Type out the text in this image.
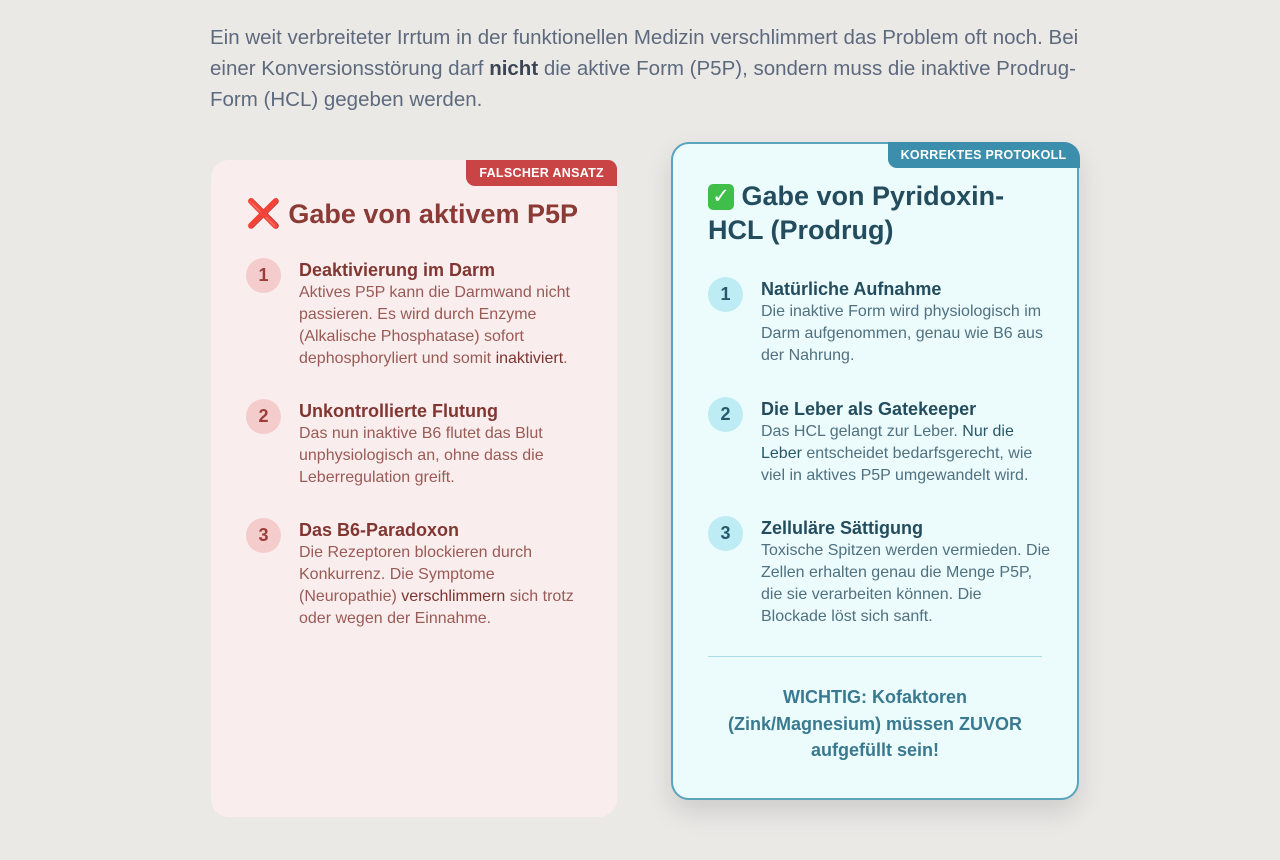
Ein weit verbreiteter Irrtum in der funktionellen Medizin verschlimmert das Problem oft noch. Bei einer Konversionsstörung darf nicht die aktive Form (P5P), sondern muss die inaktive Prodrug-Form (HCL) gegeben werden.

FALSCHER ANSATZ
❌ Gabe von aktivem P5P
1	Deaktivierung im Darm
Aktives P5P kann die Darmwand nicht passieren. Es wird durch Enzyme (Alkalische Phosphatase) sofort dephosphoryliert und somit inaktiviert.
2	Unkontrollierte Flutung
Das nun inaktive B6 flutet das Blut unphysiologisch an, ohne dass die Leberregulation greift.
3	Das B6-Paradoxon
Die Rezeptoren blockieren durch Konkurrenz. Die Symptome (Neuropathie) verschlimmern sich trotz oder wegen der Einnahme.
KORREKTES PROTOKOLL
✓ Gabe von Pyridoxin-HCL (Prodrug)
1	Natürliche Aufnahme
Die inaktive Form wird physiologisch im Darm aufgenommen, genau wie B6 aus der Nahrung.
2	Die Leber als Gatekeeper
Das HCL gelangt zur Leber. Nur die Leber entscheidet bedarfsgerecht, wie viel in aktives P5P umgewandelt wird.
3	Zelluläre Sättigung
Toxische Spitzen werden vermieden. Die Zellen erhalten genau die Menge P5P, die sie verarbeiten können. Die Blockade löst sich sanft.
WICHTIG: Kofaktoren (Zink/Magnesium) müssen ZUVOR aufgefüllt sein!
